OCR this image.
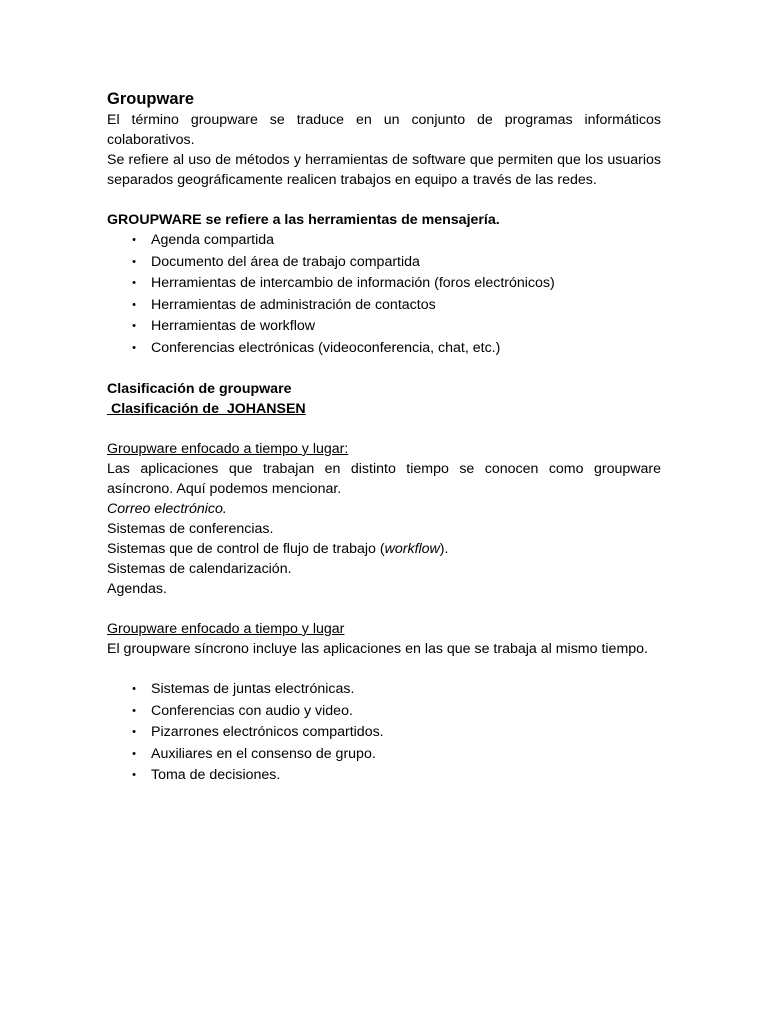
Groupware

El término groupware se traduce en un conjunto de programas informáticos colaborativos.

Se refiere al uso de métodos y herramientas de software que permiten que los usuarios separados geográficamente realicen trabajos en equipo a través de las redes.

GROUPWARE se refiere a las herramientas de mensajería.

• Agenda compartida
• Documento del área de trabajo compartida
• Herramientas de intercambio de información (foros electrónicos)
• Herramientas de administración de contactos
• Herramientas de workflow
• Conferencias electrónicas (videoconferencia, chat, etc.)

Clasificación de groupware

Clasificación de  JOHANSEN

Groupware enfocado a tiempo y lugar:

Las aplicaciones que trabajan en distinto tiempo se conocen como groupware asíncrono. Aquí podemos mencionar.

Correo electrónico.

Sistemas de conferencias.

Sistemas que de control de flujo de trabajo (workflow).

Sistemas de calendarización.

Agendas.

Groupware enfocado a tiempo y lugar

El groupware síncrono incluye las aplicaciones en las que se trabaja al mismo tiempo.

• Sistemas de juntas electrónicas.
• Conferencias con audio y video.
• Pizarrones electrónicos compartidos.
• Auxiliares en el consenso de grupo.
• Toma de decisiones.
